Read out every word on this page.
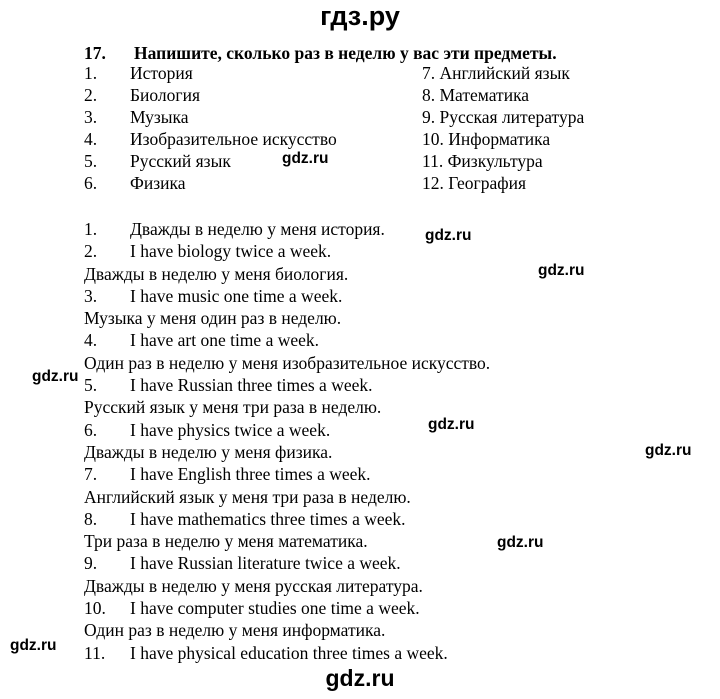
гдз.ру
17. Напишите, сколько раз в неделю у вас эти предметы.
1. История
2. Биология
3. Музыка
4. Изобразительное искусство
5. Русский язык
6. Физика
7. Английский язык
8. Математика
9. Русская литература
10. Информатика
11. Физкультура
12. География
1. Дважды в неделю у меня история.
2. I have biology twice a week.
Дважды в неделю у меня биология.
3. I have music one time a week.
Музыка у меня один раз в неделю.
4. I have art one time a week.
Один раз в неделю у меня изобразительное искусство.
5. I have Russian three times a week.
Русский язык у меня три раза в неделю.
6. I have physics twice a week.
Дважды в неделю у меня физика.
7. I have English three times a week.
Английский язык у меня три раза в неделю.
8. I have mathematics three times a week.
Три раза в неделю у меня математика.
9. I have Russian literature twice a week.
Дважды в неделю у меня русская литература.
10. I have computer studies one time a week.
Один раз в неделю у меня информатика.
11. I have physical education three times a week.
gdz.ru
gdz.ru
gdz.ru
gdz.ru
gdz.ru
gdz.ru
gdz.ru
gdz.ru
gdz.ru
